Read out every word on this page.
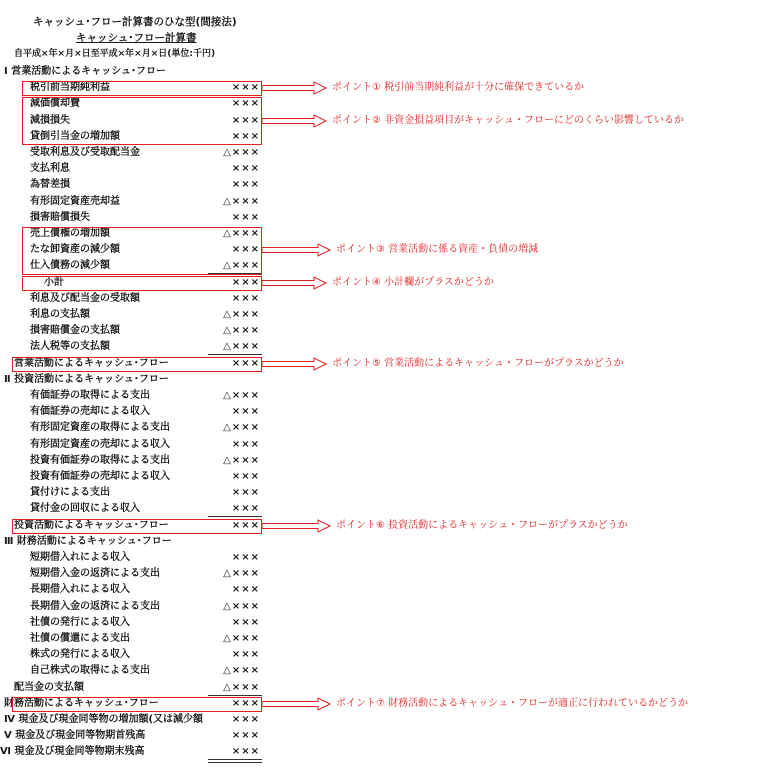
キャッシュ･フロー計算書のひな型(間接法)
キャッシュ･フロー計算書
自平成×年×月×日至平成×年×月×日(単位:千円)
Ⅰ 営業活動によるキャッシュ･フロー
税引前当期純利益	×××
減価償却費	×××
減損損失	×××
貸倒引当金の増加額	×××
受取利息及び受取配当金	△×××
支払利息	×××
為替差損	×××
有形固定資産売却益	△×××
損害賠償損失	×××
売上債権の増加額	△×××
たな卸資産の減少額	×××
仕入債務の減少額	△×××
小計	×××
利息及び配当金の受取額	×××
利息の支払額	△×××
損害賠償金の支払額	△×××
法人税等の支払額	△×××
営業活動によるキャッシュ･フロー	×××
Ⅱ 投資活動によるキャッシュ･フロー
有価証券の取得による支出	△×××
有価証券の売却による収入	×××
有形固定資産の取得による支出	△×××
有形固定資産の売却による収入	×××
投資有価証券の取得による支出	△×××
投資有価証券の売却による収入	×××
貸付けによる支出	×××
貸付金の回収による収入	×××
投資活動によるキャッシュ･フロー	×××
Ⅲ 財務活動によるキャッシュ･フロー
短期借入れによる収入	×××
短期借入金の返済による支出	△×××
長期借入れによる収入	×××
長期借入金の返済による支出	△×××
社債の発行による収入	×××
社債の償還による支出	△×××
株式の発行による収入	×××
自己株式の取得による支出	△×××
配当金の支払額	△×××
財務活動によるキャッシュ･フロー	×××
Ⅳ 現金及び現金同等物の増加額(又は減少額	×××
Ⅴ 現金及び現金同等物期首残高	×××
Ⅵ 現金及び現金同等物期末残高	×××
ポイント① 税引前当期純利益が十分に確保できているか
ポイント② 非資金損益項目がキャッシュ・フローにどのくらい影響しているか
ポイント③ 営業活動に係る資産・負債の増減
ポイント④ 小計欄がプラスかどうか
ポイント⑤ 営業活動によるキャッシュ・フローがプラスかどうか
ポイント⑥ 投資活動によるキャッシュ・フローがプラスかどうか
ポイント⑦ 財務活動によるキャッシュ・フローが適正に行われているかどうか
